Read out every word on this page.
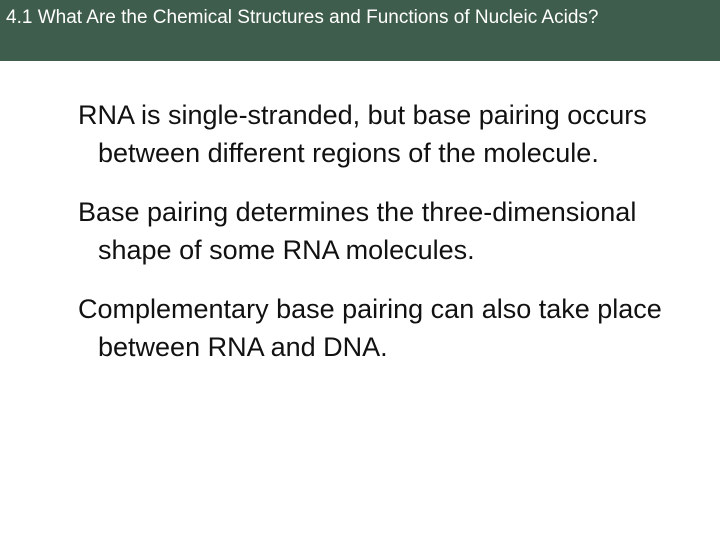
4.1 What Are the Chemical Structures and Functions of Nucleic Acids?

RNA is single-stranded, but base pairing occurs between different regions of the molecule.

Base pairing determines the three-dimensional shape of some RNA molecules.

Complementary base pairing can also take place between RNA and DNA.
